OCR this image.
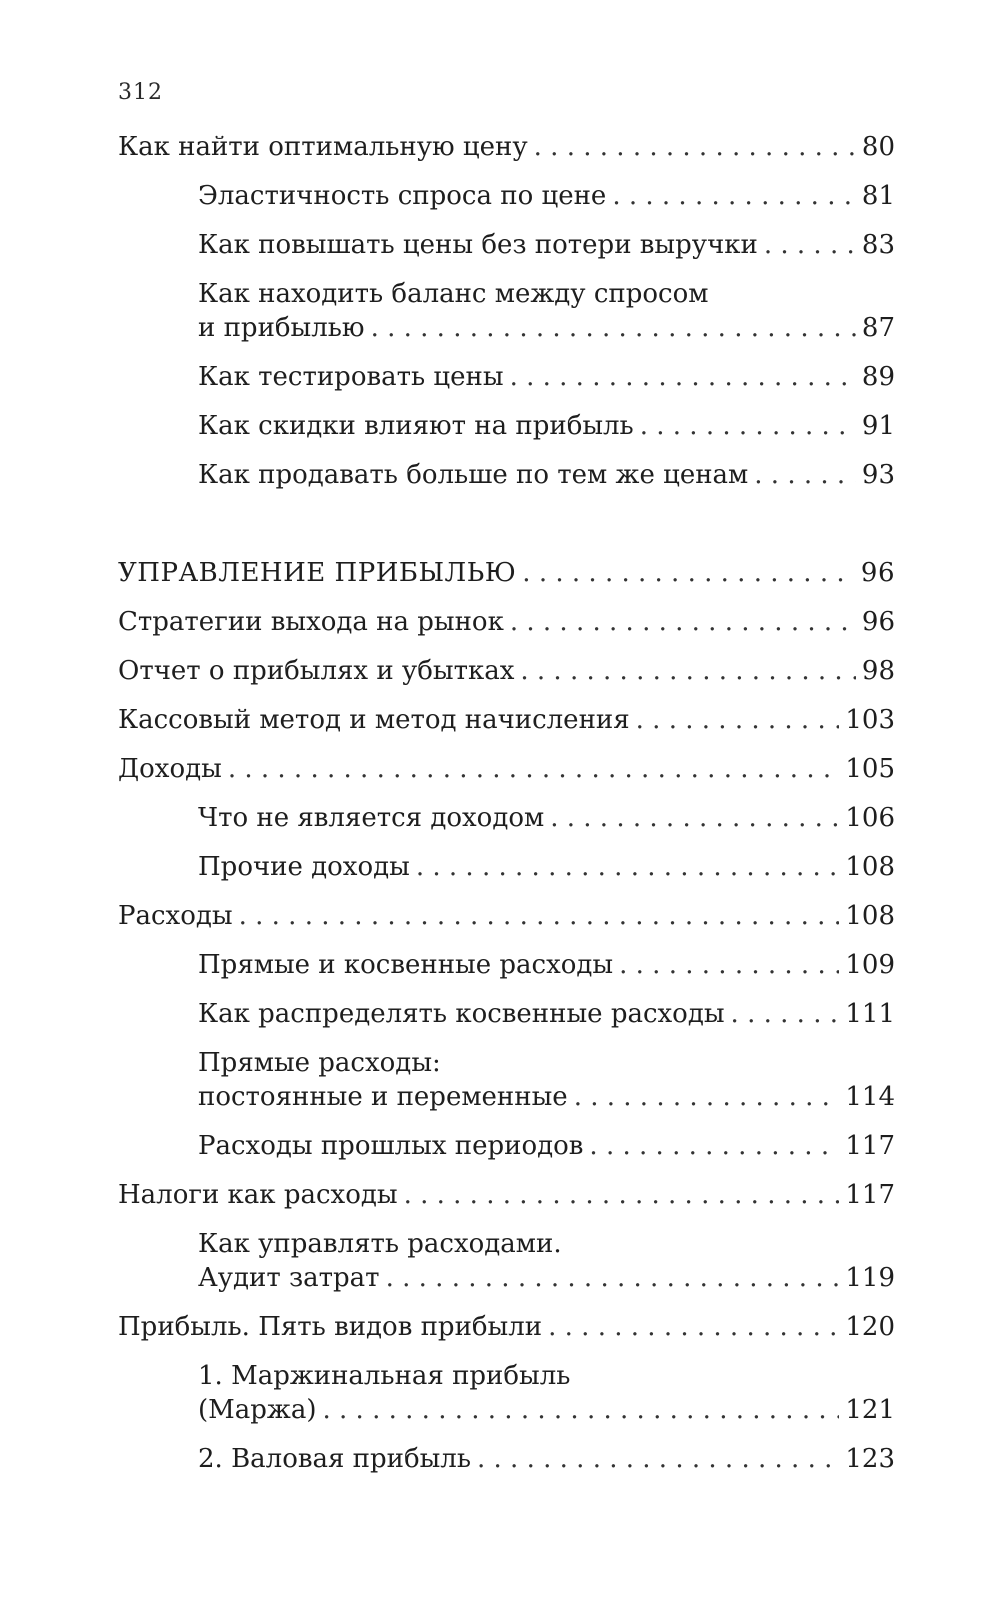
312
Как найти оптимальную цену . . .	80
Эластичность спроса по цене . . .	81
Как повышать цены без потери выручки . . .	83
Как находить баланс между спросом
и прибылью . . .	87
Как тестировать цены . . .	89
Как скидки влияют на прибыль . . .	91
Как продавать больше по тем же ценам . . .	93
УПРАВЛЕНИЕ ПРИБЫЛЬЮ . . .	96
Стратегии выхода на рынок . . .	96
Отчет о прибылях и убытках . . .	98
Кассовый метод и метод начисления . . .	103
Доходы . . .	105
Что не является доходом . . .	106
Прочие доходы . . .	108
Расходы . . .	108
Прямые и косвенные расходы . . .	109
Как распределять косвенные расходы . . .	111
Прямые расходы:
постоянные и переменные . . .	114
Расходы прошлых периодов . . .	117
Налоги как расходы . . .	117
Как управлять расходами.
Аудит затрат . . .	119
Прибыль. Пять видов прибыли . . .	120
1. Маржинальная прибыль
(Маржа) . . .	121
2. Валовая прибыль . . .	123
